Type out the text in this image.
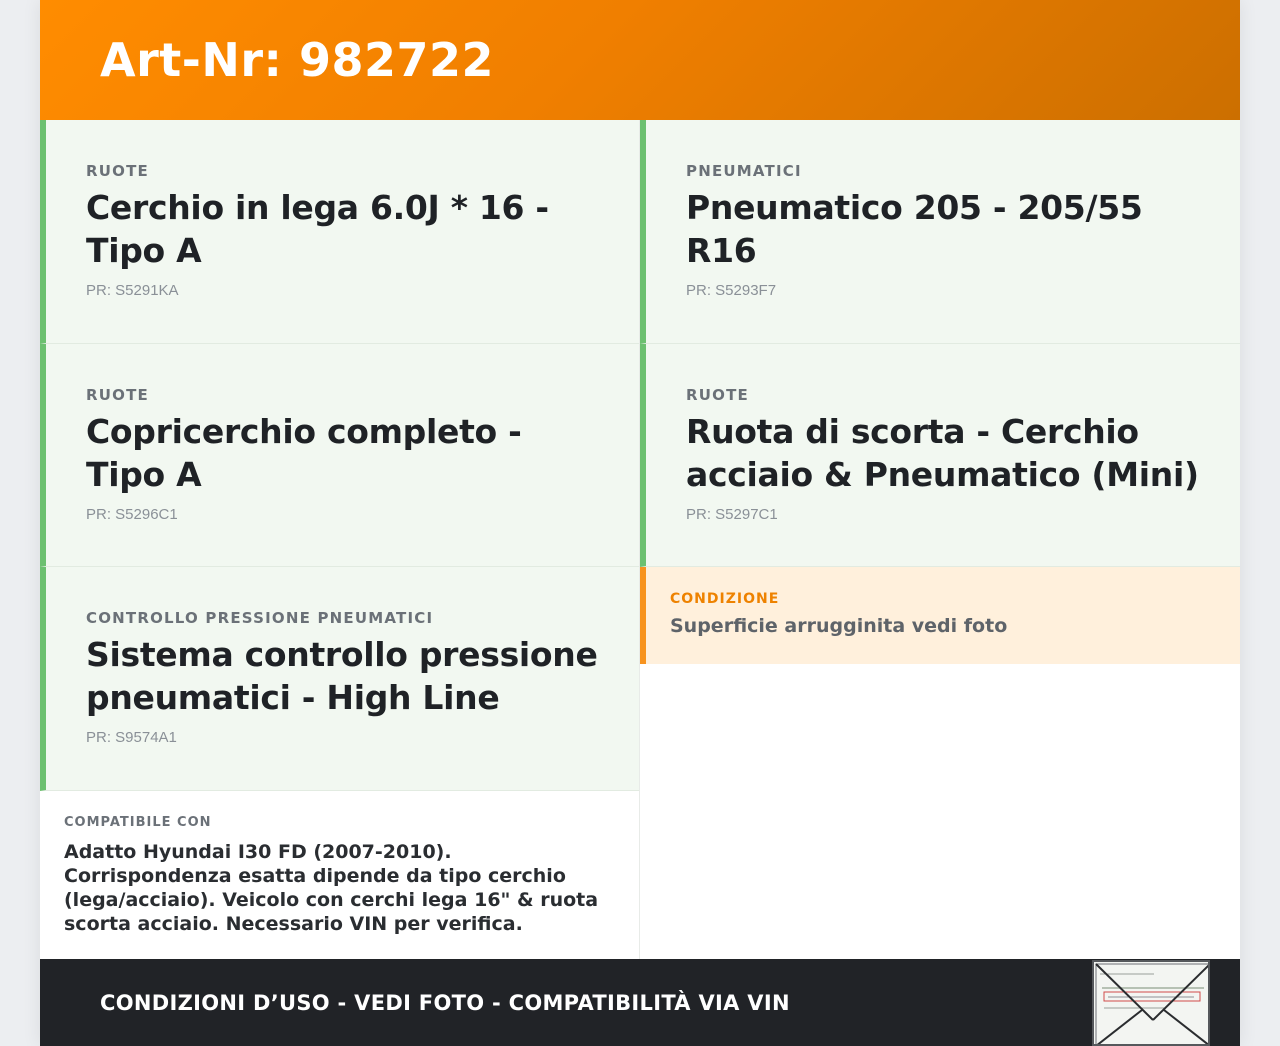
Art-Nr: 982722
RUOTE
Cerchio in lega 6.0J * 16 - Tipo A
PR: S5291KA
RUOTE
Copricerchio completo - Tipo A
PR: S5296C1
CONTROLLO PRESSIONE PNEUMATICI
Sistema controllo pressione pneumatici - High Line
PR: S9574A1
COMPATIBILE CON
Adatto Hyundai I30 FD (2007-2010). Corrispondenza esatta dipende da tipo cerchio (lega/acciaio). Veicolo con cerchi lega 16" & ruota scorta acciaio. Necessario VIN per verifica.
PNEUMATICI
Pneumatico 205 - 205/55 R16
PR: S5293F7
RUOTE
Ruota di scorta - Cerchio acciaio & Pneumatico (Mini)
PR: S5297C1
CONDIZIONE
Superficie arrugginita vedi foto
CONDIZIONI D’USO - VEDI FOTO - COMPATIBILITÀ VIA VIN
